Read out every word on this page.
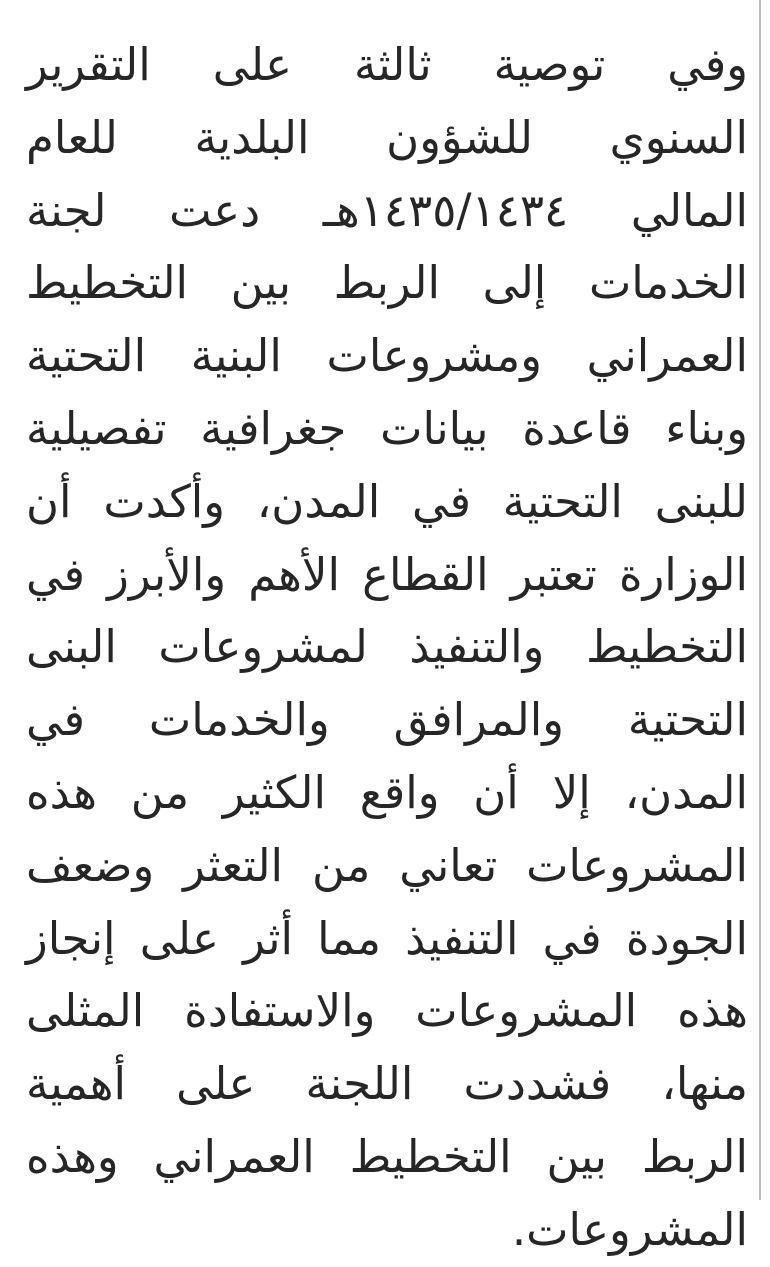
وفي توصية ثالثة على التقرير
السنوي للشؤون البلدية للعام
المالي ١٤٣٥/١٤٣٤هـ دعت لجنة
الخدمات إلى الربط بين التخطيط
العمراني ومشروعات البنية التحتية
وبناء قاعدة بيانات جغرافية تفصيلية
للبنى التحتية في المدن، وأكدت أن
الوزارة تعتبر القطاع الأهم والأبرز في
التخطيط والتنفيذ لمشروعات البنى
التحتية والمرافق والخدمات في
المدن، إلا أن واقع الكثير من هذه
المشروعات تعاني من التعثر وضعف
الجودة في التنفيذ مما أثر على إنجاز
هذه المشروعات والاستفادة المثلى
منها، فشددت اللجنة على أهمية
الربط بين التخطيط العمراني وهذه
المشروعات.
